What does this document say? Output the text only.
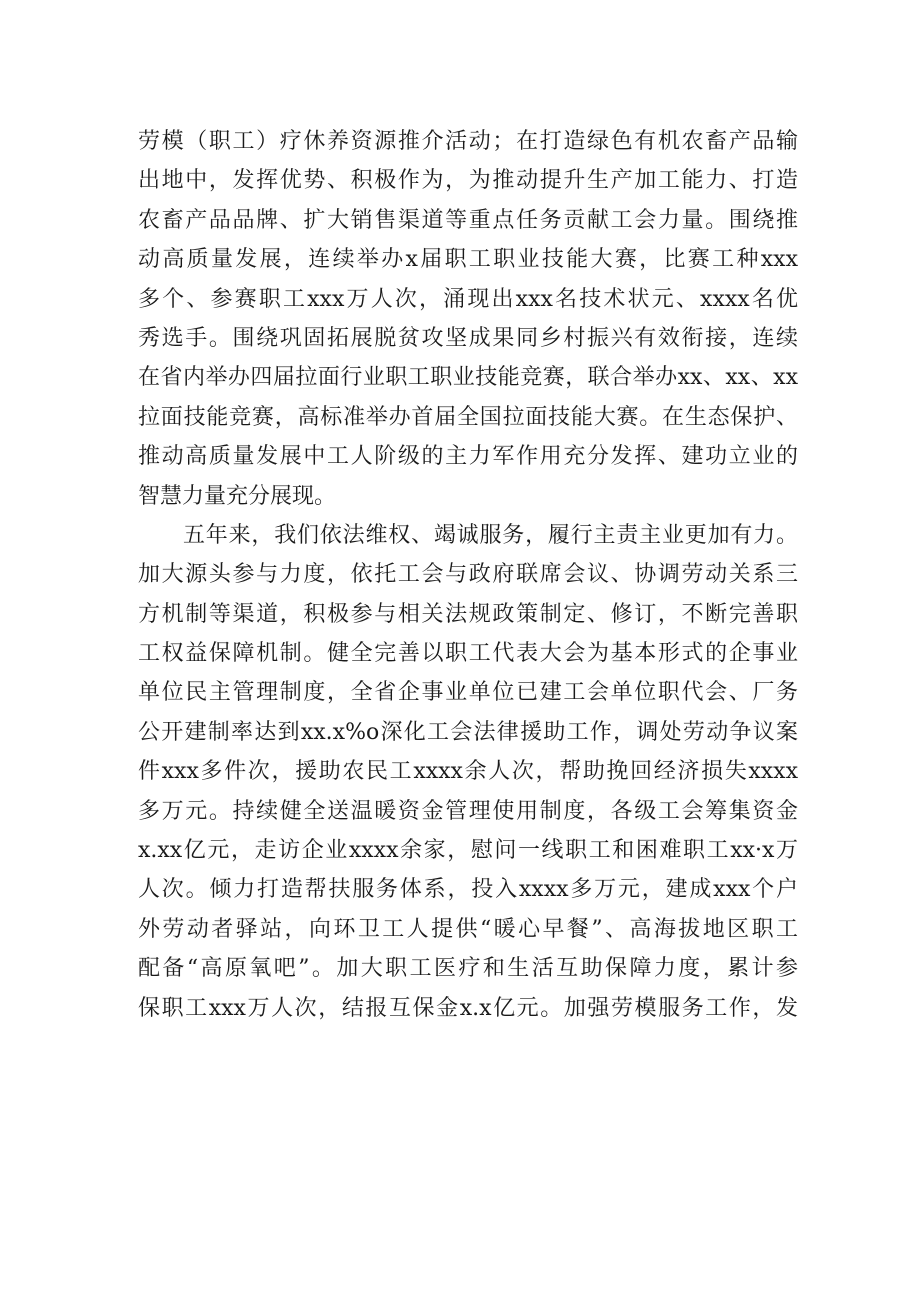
劳模（职工）疗休养资源推介活动；在打造绿色有机农畜产品输
出地中，发挥优势、积极作为，为推动提升生产加工能力、打造
农畜产品品牌、扩大销售渠道等重点任务贡献工会力量。围绕推
动高质量发展，连续举办x届职工职业技能大赛，比赛工种xxx
多个、参赛职工xxx万人次，涌现出xxx名技术状元、xxxx名优
秀选手。围绕巩固拓展脱贫攻坚成果同乡村振兴有效衔接，连续
在省内举办四届拉面行业职工职业技能竞赛，联合举办xx、xx、xx
拉面技能竞赛，高标准举办首届全国拉面技能大赛。在生态保护、
推动高质量发展中工人阶级的主力军作用充分发挥、建功立业的
智慧力量充分展现。
五年来，我们依法维权、竭诚服务，履行主责主业更加有力。
加大源头参与力度，依托工会与政府联席会议、协调劳动关系三
方机制等渠道，积极参与相关法规政策制定、修订，不断完善职
工权益保障机制。健全完善以职工代表大会为基本形式的企事业
单位民主管理制度，全省企事业单位已建工会单位职代会、厂务
公开建制率达到xx.x%o深化工会法律援助工作，调处劳动争议案
件xxx多件次，援助农民工xxxx余人次，帮助挽回经济损失xxxx
多万元。持续健全送温暖资金管理使用制度，各级工会筹集资金
x.xx亿元，走访企业xxxx余家，慰问一线职工和困难职工xx·x万
人次。倾力打造帮扶服务体系，投入xxxx多万元，建成xxx个户
外劳动者驿站，向环卫工人提供“暖心早餐”、高海拔地区职工
配备“高原氧吧”。加大职工医疗和生活互助保障力度，累计参
保职工xxx万人次，结报互保金x.x亿元。加强劳模服务工作，发
